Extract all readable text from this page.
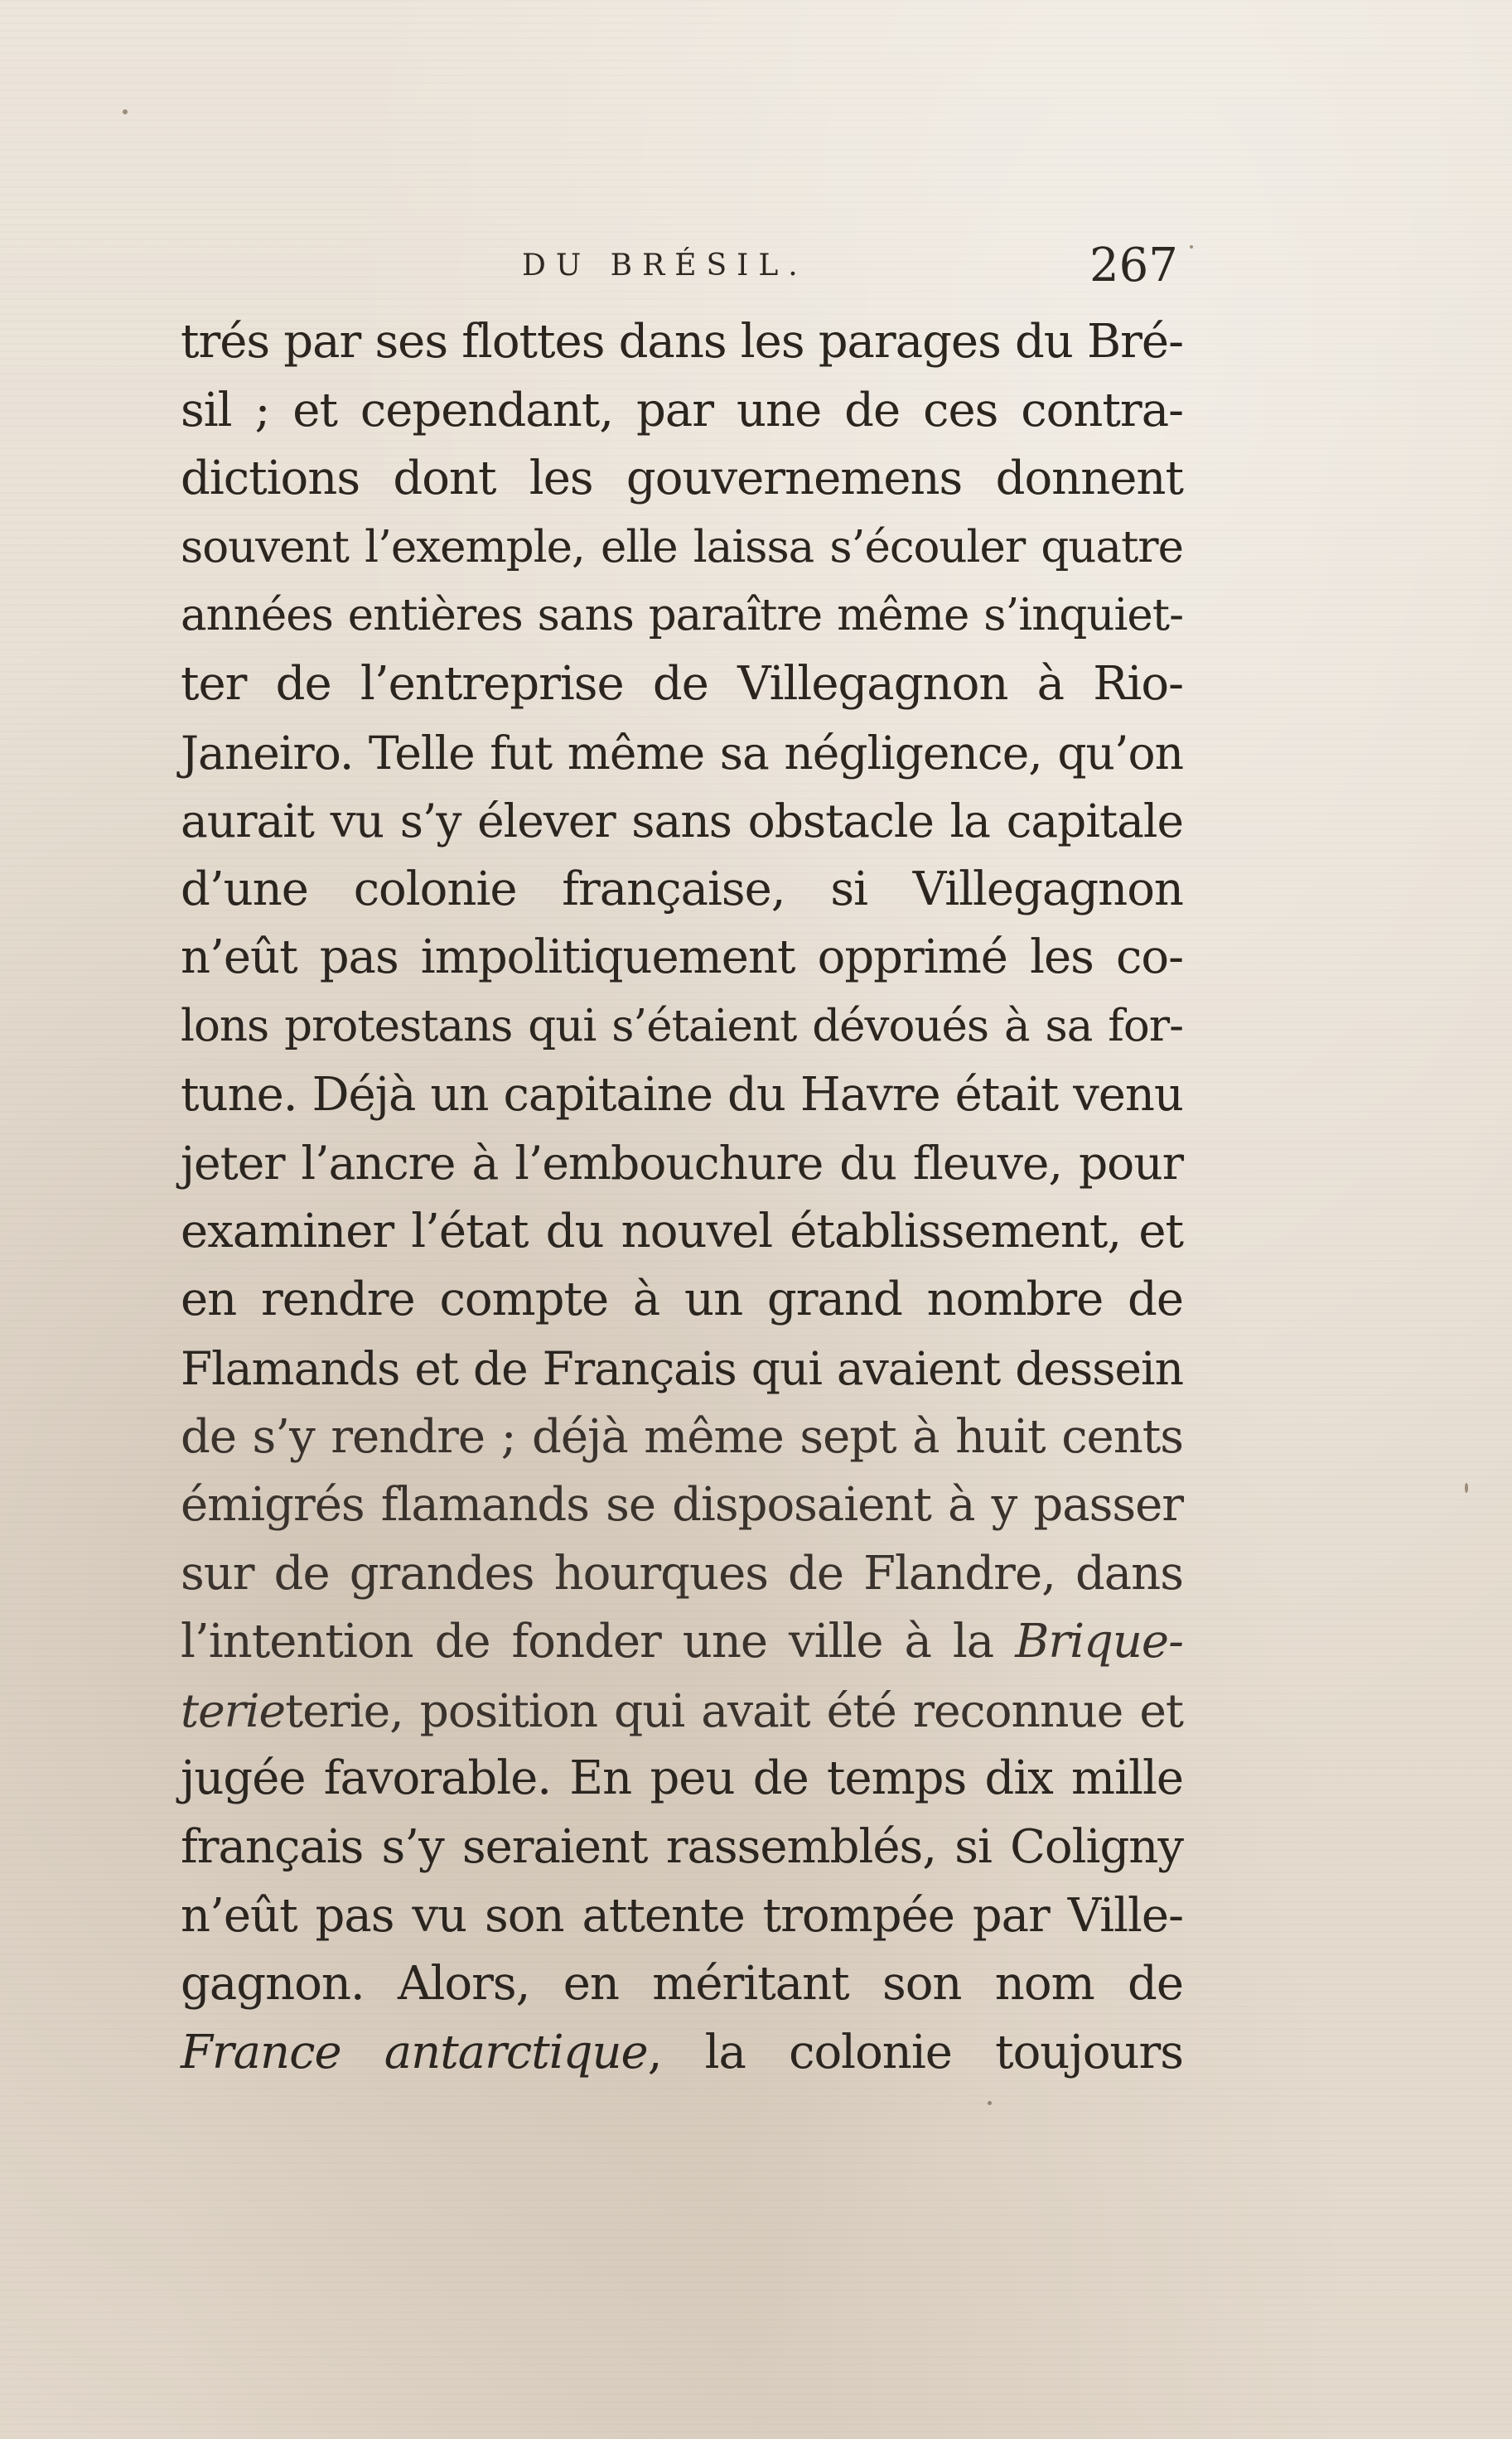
DU BRÉSIL.	267
trés par ses flottes dans les parages du Bré-
sil ; et cependant, par une de ces contra-
dictions dont les gouvernemens donnent
souvent l’exemple, elle laissa s’écouler quatre
années entières sans paraître même s’inquiet-
ter de l’entreprise de Villegagnon à Rio-
Janeiro. Telle fut même sa négligence, qu’on
aurait vu s’y élever sans obstacle la capitale
d’une colonie française, si Villegagnon
n’eût pas impolitiquement opprimé les co-
lons protestans qui s’étaient dévoués à sa for-
tune. Déjà un capitaine du Havre était venu
jeter l’ancre à l’embouchure du fleuve, pour
examiner l’état du nouvel établissement, et
en rendre compte à un grand nombre de
Flamands et de Français qui avaient dessein
de s’y rendre ; déjà même sept à huit cents
émigrés flamands se disposaient à y passer
sur de grandes hourques de Flandre, dans
l’intention de fonder une ville à la Brique-
terieterie, position qui avait été reconnue et
jugée favorable. En peu de temps dix mille
français s’y seraient rassemblés, si Coligny
n’eût pas vu son attente trompée par Ville-
gagnon. Alors, en méritant son nom de
France antarctique, la colonie toujours
